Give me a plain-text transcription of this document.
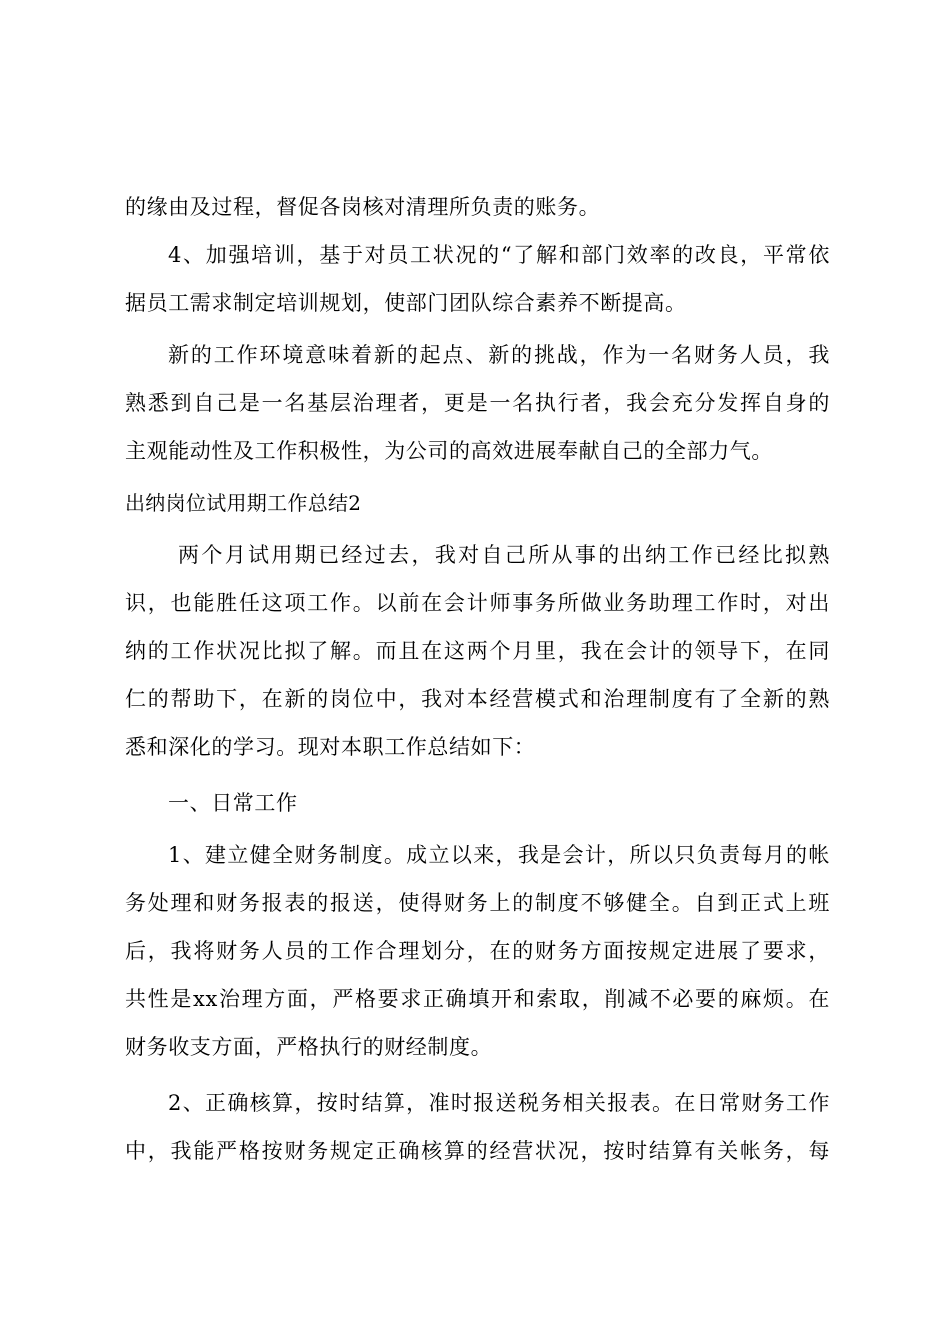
的缘由及过程，督促各岗核对清理所负责的账务。
4、加强培训，基于对员工状况的“了解和部门效率的改良，平常依
据员工需求制定培训规划，使部门团队综合素养不断提高。
新的工作环境意味着新的起点、新的挑战，作为一名财务人员，我
熟悉到自己是一名基层治理者，更是一名执行者，我会充分发挥自身的
主观能动性及工作积极性，为公司的高效进展奉献自己的全部力气。
出纳岗位试用期工作总结2
两个月试用期已经过去，我对自己所从事的出纳工作已经比拟熟
识，也能胜任这项工作。以前在会计师事务所做业务助理工作时，对出
纳的工作状况比拟了解。而且在这两个月里，我在会计的领导下，在同
仁的帮助下，在新的岗位中，我对本经营模式和治理制度有了全新的熟
悉和深化的学习。现对本职工作总结如下：
一、日常工作
1、建立健全财务制度。成立以来，我是会计，所以只负责每月的帐
务处理和财务报表的报送，使得财务上的制度不够健全。自到正式上班
后，我将财务人员的工作合理划分，在的财务方面按规定进展了要求，
共性是xx治理方面，严格要求正确填开和索取，削减不必要的麻烦。在
财务收支方面，严格执行的财经制度。
2、正确核算，按时结算，准时报送税务相关报表。在日常财务工作
中，我能严格按财务规定正确核算的经营状况，按时结算有关帐务，每
